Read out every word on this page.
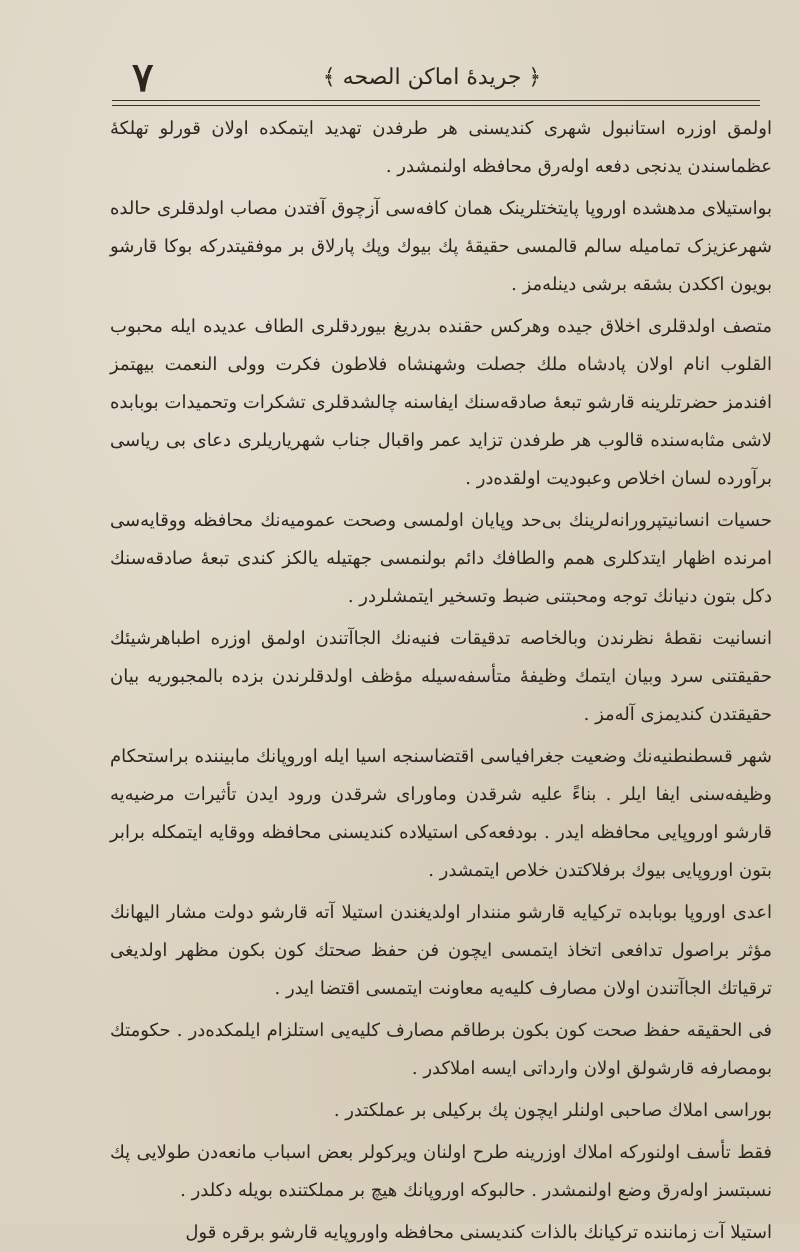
﴿ جریدهٔ اماکن الصحه ﴾
٧

اولمق اوزره استانبول شهری کندیسنی هر طرفدن تهدید ایتمکده اولان قورلو تهلکهٔ عظماسندن یدنجی دفعه اوله‌رق محافظه اولنمشدر .

بواستیلای مدهشده اوروپا پایتختلرینک همان کافه‌سی آزچوق آفتدن مصاب اولدقلری حالده شهرعزیزک تمامیله سالم قالمسی حقیقهٔ پك بیوك وپك پارلاق بر موفقیتدرکه بوکا قارشو بویون اککدن بشقه برشی دینله‌مز .

متصف اولدقلری اخلاق جیده وهرکس حقنده بدریغ بیوردقلری الطاف عدیده ایله محبوب القلوب انام اولان پادشاه ملك جصلت وشهنشاه فلاطون فکرت وولی النعمت بیهتمز افندمز حضرتلرینه قارشو تبعهٔ صادقه‌سنك ایفاسنه چالشدقلری تشکرات وتحمیدات بوبابده لاشی مثابه‌سنده قالوب هر طرفدن تزاید عمر واقبال جناب شهریاریلری دعای بی ریاسی برآورده لسان اخلاص وعبودیت اولقده‌در .

حسیات انسانیتپرورانه‌لرینك بی‌حد وپایان اولمسی وصحت عمومیه‌نك محافظه ووقایه‌سی امرنده اظهار ایتدکلری همم والطافك دائم بولنمسی جهتیله یالکز کندی تبعهٔ صادقه‌سنك دکل بتون دنیانك توجه ومحبتنی ضبط وتسخیر ایتمشلردر .

انسانیت نقطهٔ نظرندن وبالخاصه تدقیقات فنیه‌نك الجاآتندن اولمق اوزره اطباهرشیئك حقیقتنی سرد وبیان ایتمك وظیفهٔ متأسفه‌سیله مؤظف اولدقلرندن بزده بالمجبوریه بیان حقیقتدن کندیمزی آله‌مز .

شهر قسطنطنیه‌نك وضعیت جغرافیاسی اقتضاسنجه اسیا ایله اوروپانك مابیننده براستحکام وظیفه‌سنی ایفا ایلر . بناءً علیه شرقدن وماورای شرقدن ورود ایدن تأثیرات مرضیه‌یه قارشو اوروپایی محافظه ایدر . بودفعه‌کی استیلاده کندیسنی محافظه ووقایه ایتمکله برابر بتون اوروپایی بیوك برفلاکتدن خلاص ایتمشدر .

اعدی اوروپا بوبابده ترکیایه قارشو منندار اولدیغندن استیلا آته قارشو دولت مشار الیهانك مؤثر براصول تدافعی اتخاذ ایتمسی ایچون فن حفظ صحتك کون بکون مظهر اولدیغی ترقیاتك الجاآتندن اولان مصارف کلیه‌یه معاونت ایتمسی اقتضا ایدر .

فی الحقیقه حفظ صحت کون بکون برطاقم مصارف کلیه‌یی استلزام ایلمکده‌در . حکومتك بومصارفه قارشولق اولان وارداتی ایسه املاکدر .

بوراسی املاك صاحبی اولنلر ایچون پك برکیلی بر عملکتدر .

فقط تأسف اولنورکه املاك اوزرینه طرح اولنان ویرکولر بعض اسباب مانعه‌دن طولایی پك نسبتسز اوله‌رق وضع اولنمشدر . حالبوکه اوروپانك هیچ بر مملکتنده بویله دکلدر .

استیلا آت زماننده ترکیانك بالذات کندیسنی محافظه واوروپایه قارشو برقره قول
